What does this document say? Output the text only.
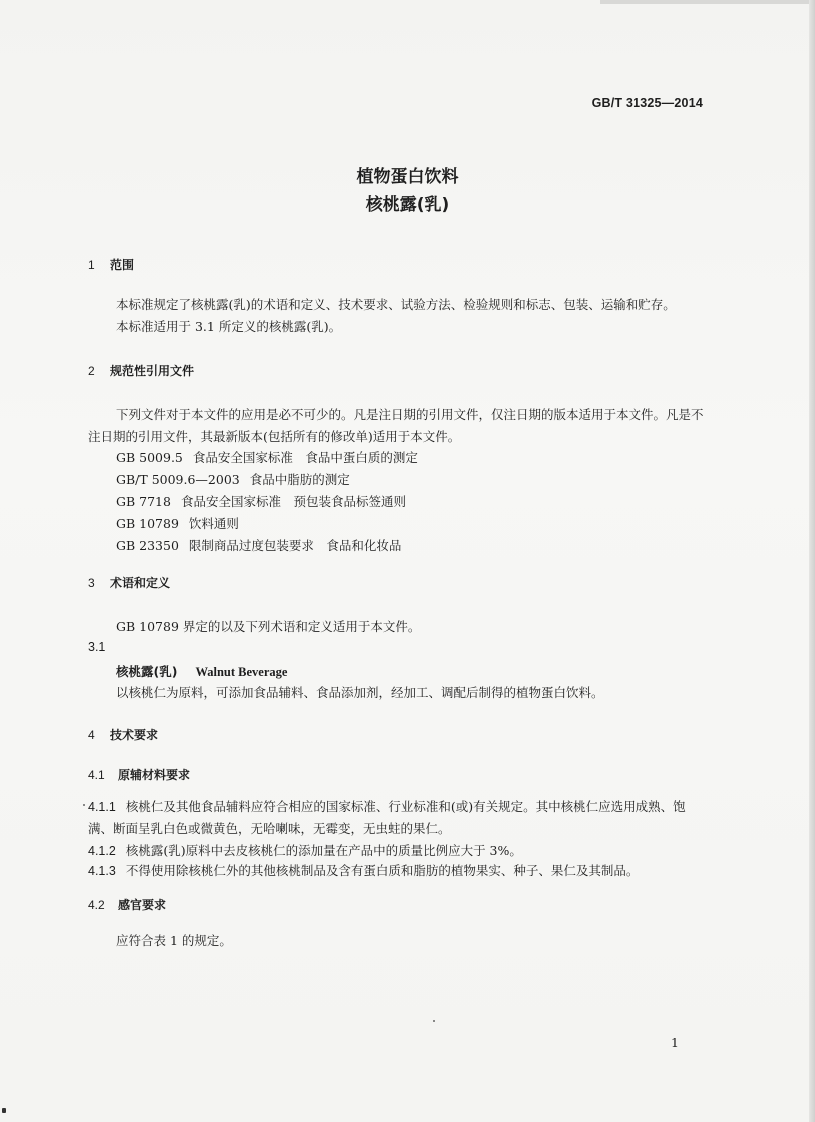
GB/T 31325—2014
植物蛋白饮料
核桃露(乳)
1 范围
本标准规定了核桃露(乳)的术语和定义、技术要求、试验方法、检验规则和标志、包装、运输和贮存。
本标准适用于 3.1 所定义的核桃露(乳)。
2 规范性引用文件
下列文件对于本文件的应用是必不可少的。凡是注日期的引用文件，仅注日期的版本适用于本文件。凡是不注日期的引用文件，其最新版本(包括所有的修改单)适用于本文件。
GB 5009.5 食品安全国家标准　食品中蛋白质的测定
GB/T 5009.6—2003 食品中脂肪的测定
GB 7718 食品安全国家标准　预包装食品标签通则
GB 10789 饮料通则
GB 23350 限制商品过度包装要求　食品和化妆品
3 术语和定义
GB 10789 界定的以及下列术语和定义适用于本文件。
3.1
核桃露(乳) Walnut Beverage
以核桃仁为原料，可添加食品辅料、食品添加剂，经加工、调配后制得的植物蛋白饮料。
4 技术要求
4.1 原辅材料要求
4.1.1 核桃仁及其他食品辅料应符合相应的国家标准、行业标准和(或)有关规定。其中核桃仁应选用成熟、饱满、断面呈乳白色或微黄色，无哈喇味，无霉变，无虫蛀的果仁。
4.1.2 核桃露(乳)原料中去皮核桃仁的添加量在产品中的质量比例应大于 3%。
4.1.3 不得使用除核桃仁外的其他核桃制品及含有蛋白质和脂肪的植物果实、种子、果仁及其制品。
4.2 感官要求
应符合表 1 的规定。
1
